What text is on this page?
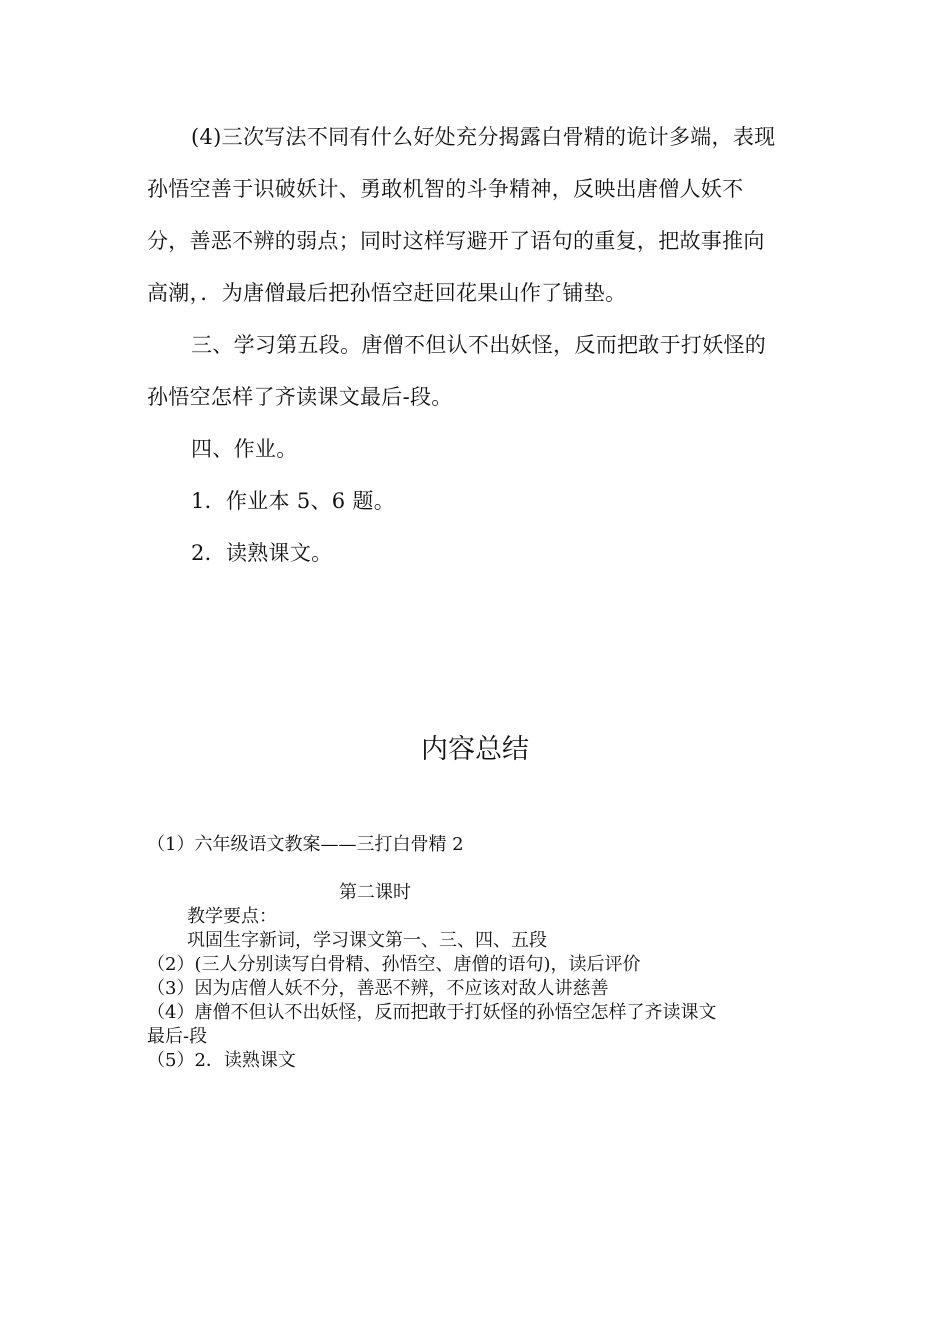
(4)三次写法不同有什么好处充分揭露白骨精的诡计多端，表现
孙悟空善于识破妖计、勇敢机智的斗争精神，反映出唐僧人妖不
分，善恶不辨的弱点；同时这样写避开了语句的重复，把故事推向
高潮，．为唐僧最后把孙悟空赶回花果山作了铺垫。
三、学习第五段。唐僧不但认不出妖怪，反而把敢于打妖怪的
孙悟空怎样了齐读课文最后-段。
四、作业。
1．作业本 5、6 题。
2．读熟课文。
内容总结
（1）六年级语文教案——三打白骨精 2
第二课时
教学要点：
巩固生字新词，学习课文第一、三、四、五段
（2）(三人分别读写白骨精、孙悟空、唐僧的语句)，读后评价
（3）因为店僧人妖不分，善恶不辨，不应该对敌人讲慈善
（4）唐僧不但认不出妖怪，反而把敢于打妖怪的孙悟空怎样了齐读课文
最后-段
（5）2．读熟课文
